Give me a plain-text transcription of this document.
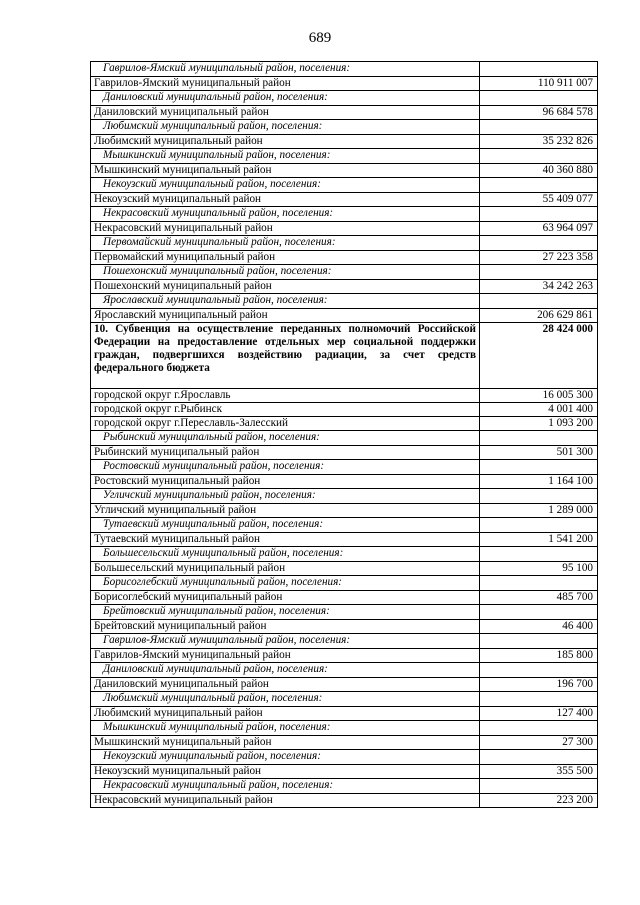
689
Гаврилов-Ямский муниципальный район, поселения:	
Гаврилов-Ямский муниципальный район	110 911 007
Даниловский муниципальный район, поселения:	
Даниловский муниципальный район	96 684 578
Любимский муниципальный район, поселения:	
Любимский муниципальный район	35 232 826
Мышкинский муниципальный район, поселения:	
Мышкинский муниципальный район	40 360 880
Некоузский муниципальный район, поселения:	
Некоузский муниципальный район	55 409 077
Некрасовский муниципальный район, поселения:	
Некрасовский муниципальный район	63 964 097
Первомайский муниципальный район, поселения:	
Первомайский муниципальный район	27 223 358
Пошехонский муниципальный район, поселения:	
Пошехонский муниципальный район	34 242 263
Ярославский муниципальный район, поселения:	
Ярославский муниципальный район	206 629 861
10. Субвенция на осуществление переданных полномочий Российской Федерации на предоставление отдельных мер социальной поддержки граждан, подвергшихся воздействию радиации, за счет средств федерального бюджета	28 424 000
городской округ г.Ярославль	16 005 300
городской округ г.Рыбинск	4 001 400
городской округ г.Переславль-Залесский	1 093 200
Рыбинский муниципальный район, поселения:	
Рыбинский муниципальный район	501 300
Ростовский муниципальный район, поселения:	
Ростовский муниципальный район	1 164 100
Угличский муниципальный район, поселения:	
Угличский муниципальный район	1 289 000
Тутаевский муниципальный район, поселения:	
Тутаевский муниципальный район	1 541 200
Большесельский муниципальный район, поселения:	
Большесельский муниципальный район	95 100
Борисоглебский муниципальный район, поселения:	
Борисоглебский муниципальный район	485 700
Брейтовский муниципальный район, поселения:	
Брейтовский муниципальный район	46 400
Гаврилов-Ямский муниципальный район, поселения:	
Гаврилов-Ямский муниципальный район	185 800
Даниловский муниципальный район, поселения:	
Даниловский муниципальный район	196 700
Любимский муниципальный район, поселения:	
Любимский муниципальный район	127 400
Мышкинский муниципальный район, поселения:	
Мышкинский муниципальный район	27 300
Некоузский муниципальный район, поселения:	
Некоузский муниципальный район	355 500
Некрасовский муниципальный район, поселения:	
Некрасовский муниципальный район	223 200
